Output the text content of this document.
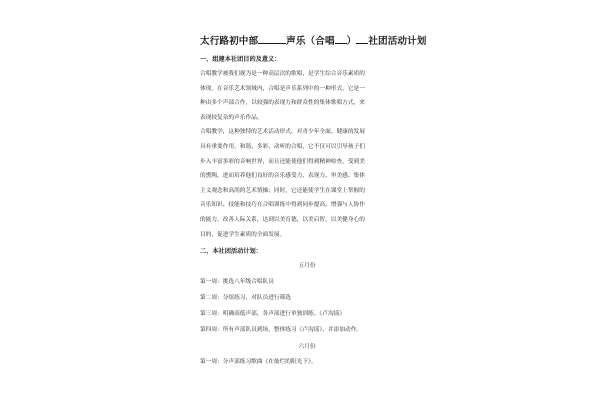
太行路初中部	声乐（合唱 ） 社团活动计划
一、组建本社团目的及意义：

合唱教学被我们视为是一种高层次的歌唱，是学生综合音乐素质的
体现。在音乐艺术领域内，合唱是声乐系列中的一种形式，它是一
种由多个声部合作，以较强的表现力和群众性的集体歌唱方式，来
表现较复杂的声乐作品。

合唱教学，这种独特的艺术活动形式，对青少年全面、健康的发展
具有重要作用。和谐、多彩、动听的合唱，它不仅可以引导孩子们
步入丰富多彩的音响世界，而且还能使他们得到精神检查，受到美
的熏陶，进而培养他们良好的音乐感受力、表现力、审美感、集体
主义观念和高尚的艺术情操；同时，它还能使学生在课堂上掌握的
音乐知识、技能和技巧在合唱训练中得到同步提高，增强与人协作
的能力，改善人际关系，达到以美育德，以美启智，以美健身心的
目的，促进学生素质的全面发展。

二、本社团活动计划：
五月份

第一周：挑选八年级合唱队员

第二周：分组练习，对队员进行筛选

第三周：明确高低声部，各声部进行单独训练。《卢沟谣》

第四周：所有声部队员到场，整体练习《卢沟谣》，并添加动作。

六月份

第一周：分声部练习歌曲《在灿烂的阳光下》。
